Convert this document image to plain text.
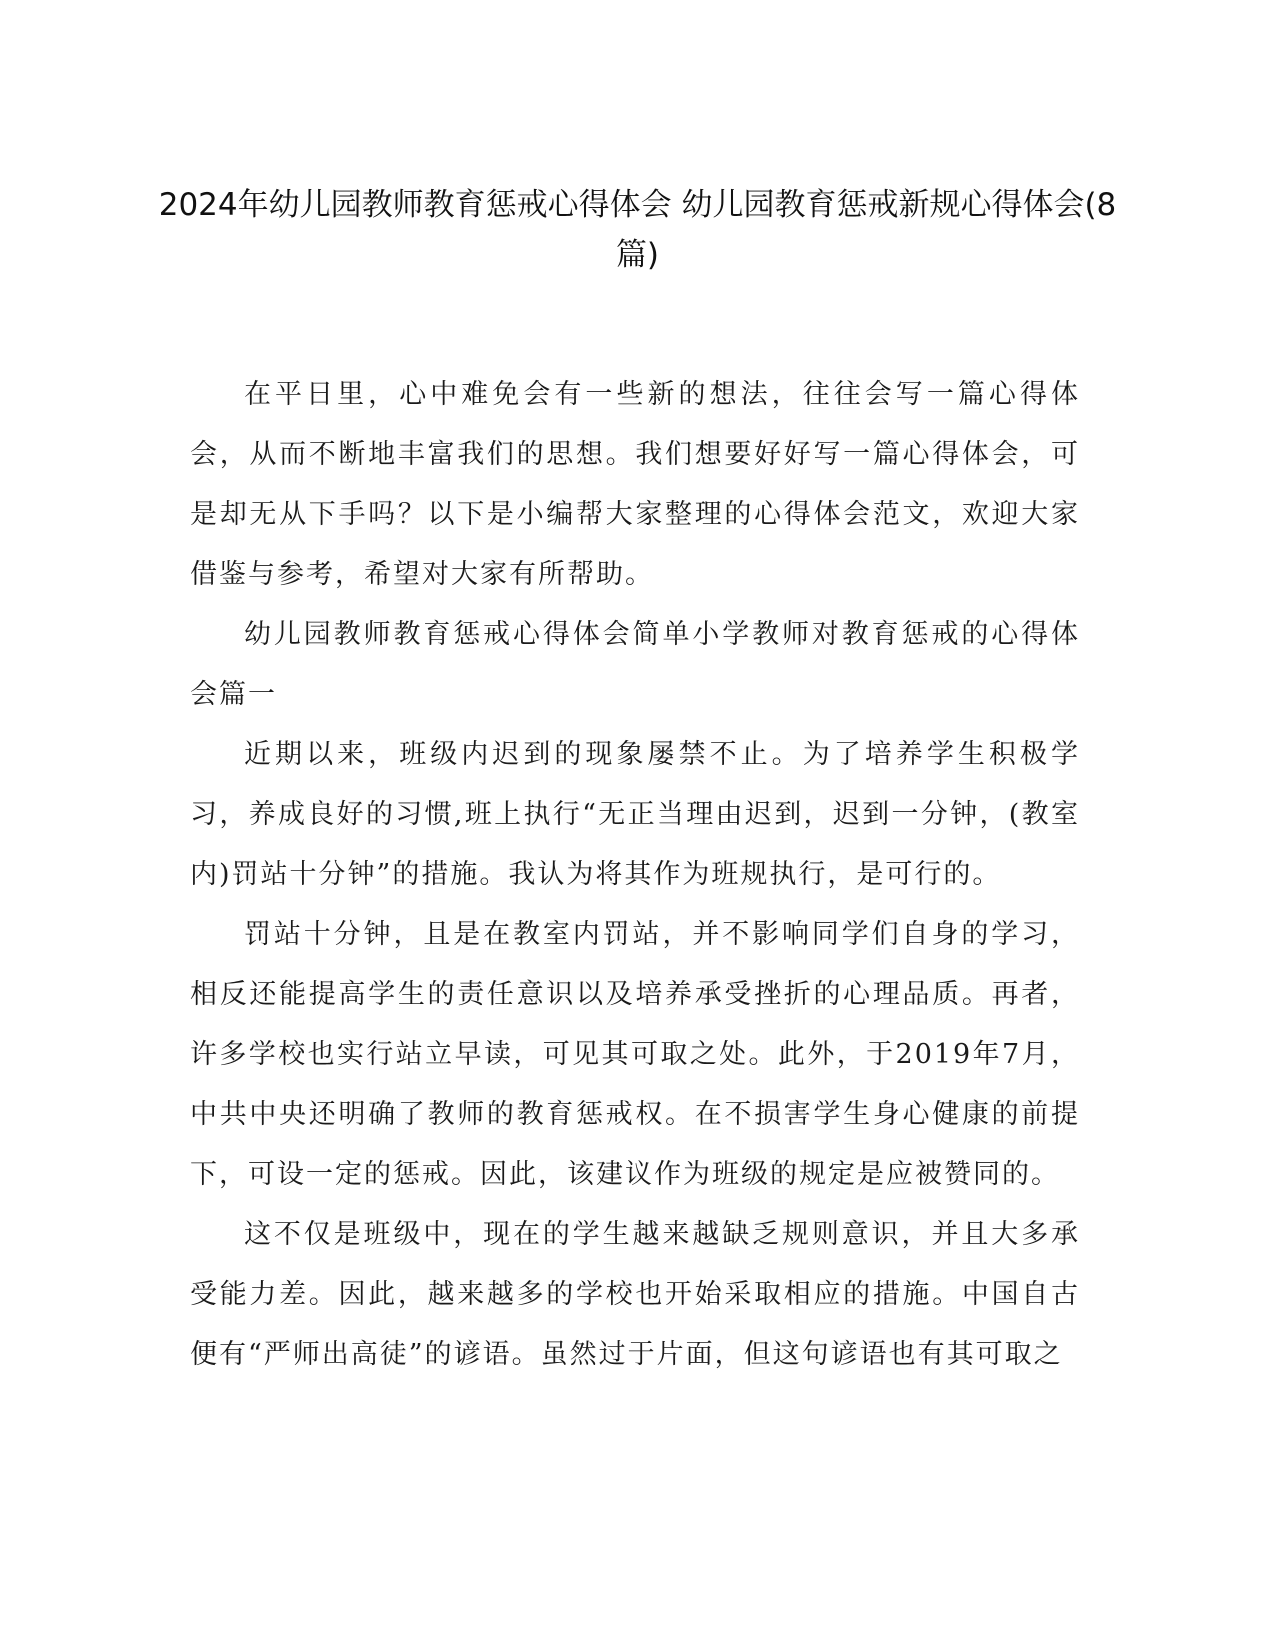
2024年幼儿园教师教育惩戒心得体会 幼儿园教育惩戒新规心得体会(8篇)

在平日里，心中难免会有一些新的想法，往往会写一篇心得体会，从而不断地丰富我们的思想。我们想要好好写一篇心得体会，可是却无从下手吗？以下是小编帮大家整理的心得体会范文，欢迎大家借鉴与参考，希望对大家有所帮助。

幼儿园教师教育惩戒心得体会简单小学教师对教育惩戒的心得体会篇一

近期以来，班级内迟到的现象屡禁不止。为了培养学生积极学习，养成良好的习惯,班上执行“无正当理由迟到，迟到一分钟，(教室内)罚站十分钟”的措施。我认为将其作为班规执行，是可行的。

罚站十分钟，且是在教室内罚站，并不影响同学们自身的学习，相反还能提高学生的责任意识以及培养承受挫折的心理品质。再者，许多学校也实行站立早读，可见其可取之处。此外，于2019年7月，中共中央还明确了教师的教育惩戒权。在不损害学生身心健康的前提下，可设一定的惩戒。因此，该建议作为班级的规定是应被赞同的。

这不仅是班级中，现在的学生越来越缺乏规则意识，并且大多承受能力差。因此，越来越多的学校也开始采取相应的措施。中国自古便有“严师出高徒”的谚语。虽然过于片面，但这句谚语也有其可取之
